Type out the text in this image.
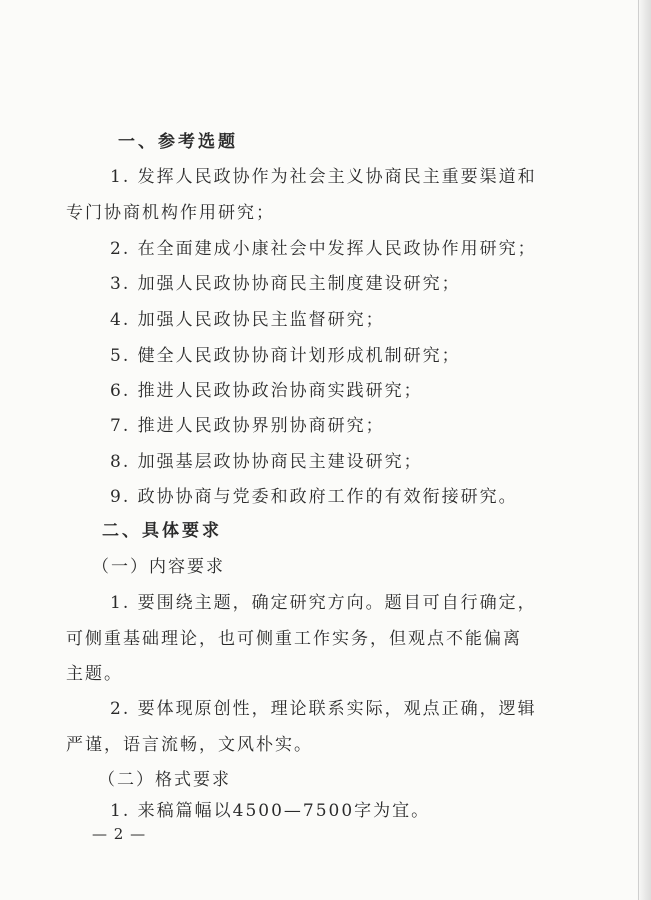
一、参考选题
1. 发挥人民政协作为社会主义协商民主重要渠道和
专门协商机构作用研究；
2. 在全面建成小康社会中发挥人民政协作用研究；
3. 加强人民政协协商民主制度建设研究；
4. 加强人民政协民主监督研究；
5. 健全人民政协协商计划形成机制研究；
6. 推进人民政协政治协商实践研究；
7. 推进人民政协界别协商研究；
8. 加强基层政协协商民主建设研究；
9. 政协协商与党委和政府工作的有效衔接研究。
二、具体要求
（一）内容要求
1. 要围绕主题，确定研究方向。题目可自行确定，
可侧重基础理论，也可侧重工作实务，但观点不能偏离
主题。
2. 要体现原创性，理论联系实际，观点正确，逻辑
严谨，语言流畅，文风朴实。
（二）格式要求
1. 来稿篇幅以4500—7500字为宜。
— 2 —
